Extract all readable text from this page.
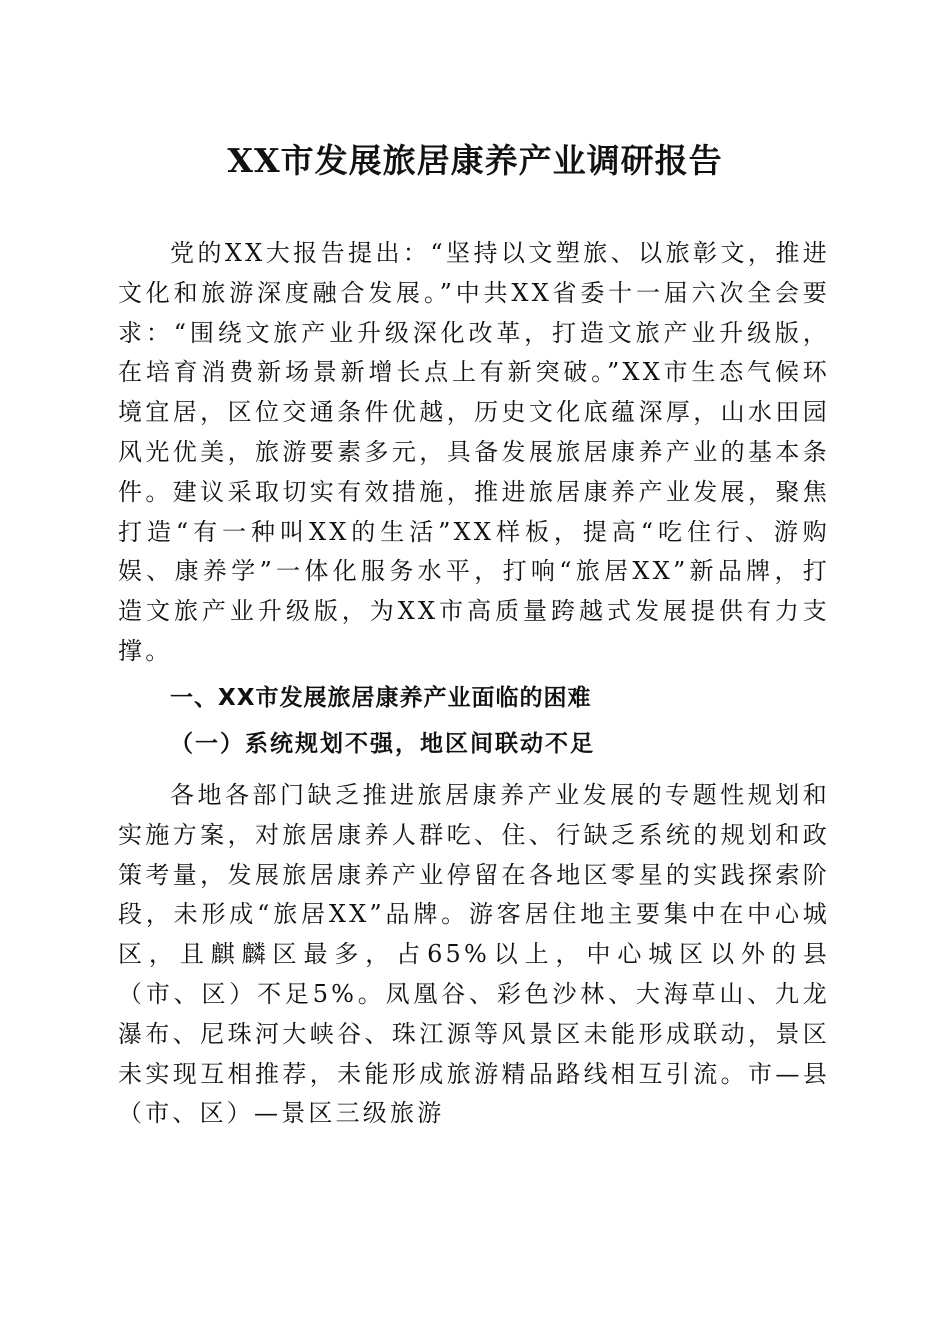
XX市发展旅居康养产业调研报告

党的XX大报告提出：“坚持以文塑旅、以旅彰文，推进文化和旅游深度融合发展。”中共XX省委十一届六次全会要求：“围绕文旅产业升级深化改革，打造文旅产业升级版，在培育消费新场景新增长点上有新突破。”XX市生态气候环境宜居，区位交通条件优越，历史文化底蕴深厚，山水田园风光优美，旅游要素多元，具备发展旅居康养产业的基本条件。建议采取切实有效措施，推进旅居康养产业发展，聚焦打造“有一种叫XX的生活”XX样板，提高“吃住行、游购娱、康养学”一体化服务水平，打响“旅居XX”新品牌，打造文旅产业升级版，为XX市高质量跨越式发展提供有力支撑。

一、XX市发展旅居康养产业面临的困难
（一）系统规划不强，地区间联动不足

各地各部门缺乏推进旅居康养产业发展的专题性规划和实施方案，对旅居康养人群吃、住、行缺乏系统的规划和政策考量，发展旅居康养产业停留在各地区零星的实践探索阶段，未形成“旅居XX”品牌。游客居住地主要集中在中心城区，且麒麟区最多，占65%以上，中心城区以外的县（市、区）不足5%。凤凰谷、彩色沙林、大海草山、九龙瀑布、尼珠河大峡谷、珠江源等风景区未能形成联动，景区未实现互相推荐，未能形成旅游精品路线相互引流。市—县（市、区）—景区三级旅游
